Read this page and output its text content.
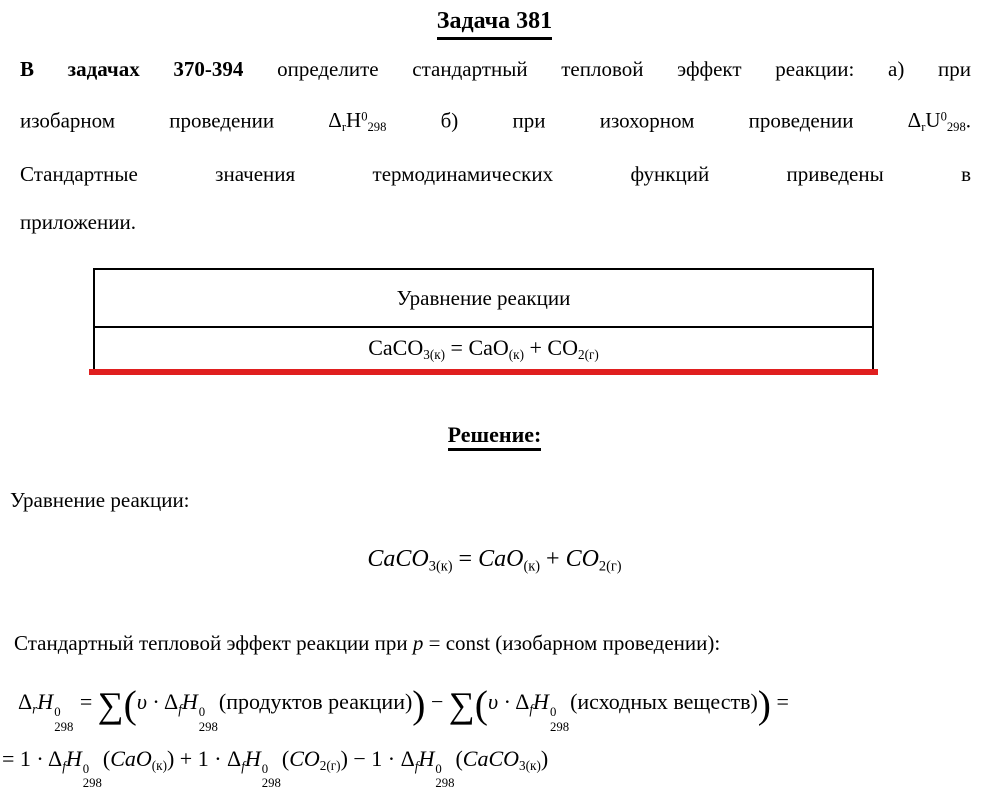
Задача 381
В задачах 370-394 определите стандартный тепловой эффект реакции: а) при
изобарном проведении ΔrH$^0$298 б) при изохорном проведении ΔrU$^0$298.
Стандартные значения термодинамических функций приведены в
приложении.
Уравнение реакции
CaCO3(к) = CaO(к) + CO2(г)
Решение:
Уравнение реакции:
CaCO3(к) = CaO(к) + CO2(г)
Стандартный тепловой эффект реакции при p = const (изобарном проведении):
$\Delta_rH$ 0
298
= $\sum(\upsilon \cdot \Delta_fH$ 0
298
(продуктов реакции)) − $\sum(\upsilon \cdot \Delta_fH$ 0
298
(исходных веществ)) =
= $1 \cdot \Delta_fH$ 0
298
$(CaO(к)) + 1 \cdot \Delta_fH$ 0
298
$(CO2(г)) - 1 \cdot \Delta_fH$ 0
298
(CaCO3(к))
